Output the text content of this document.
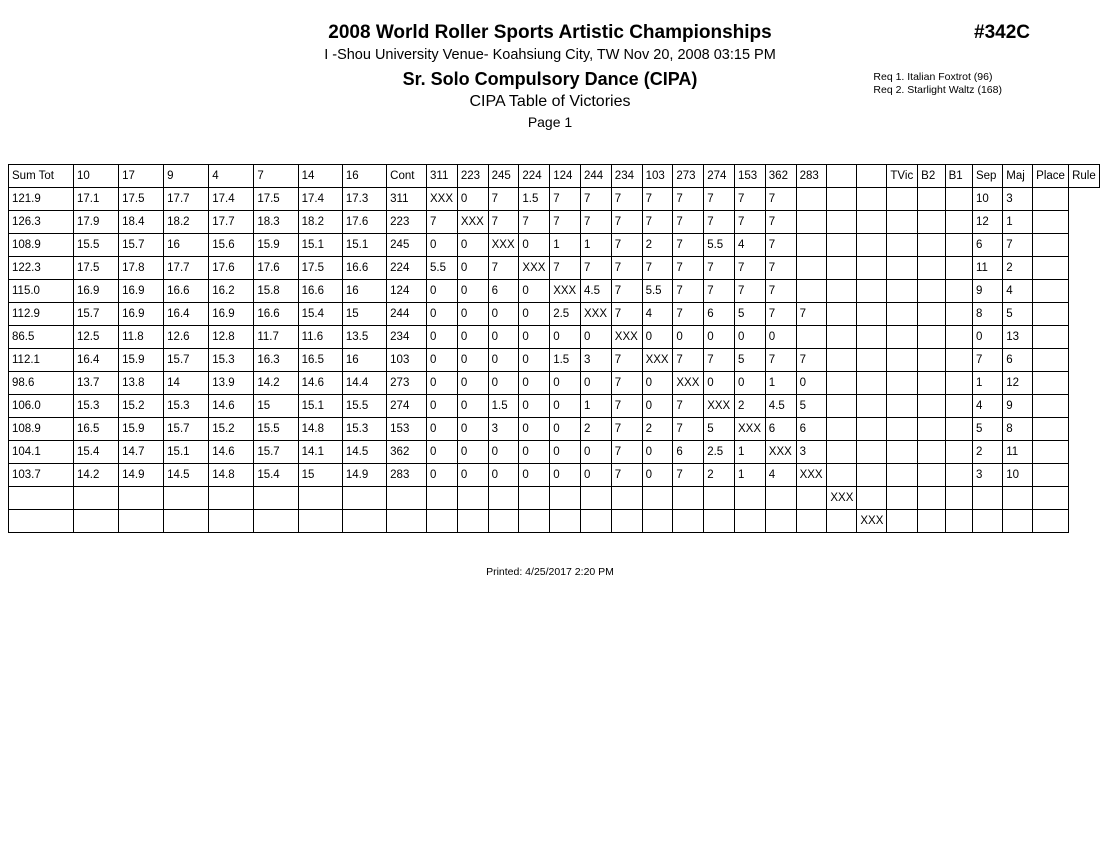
2008 World Roller Sports Artistic Championships
I -Shou University Venue- Koahsiung City, TW Nov 20, 2008 03:15 PM
Sr. Solo Compulsory Dance (CIPA)
CIPA Table of Victories
Page 1
#342C
Req 1. Italian Foxtrot (96)
Req 2. Starlight Waltz (168)
Sum Tot	10	17	9	4	7	14	16	Cont	311	223	245	224	124	244	234	103	273	274	153	362	283			TVic	B2	B1	Sep	Maj	Place	Rule
121.9	17.1	17.5	17.7	17.4	17.5	17.4	17.3	311	XXX	0	7	1.5	7	7	7	7	7	7	7	7							10	3		
126.3	17.9	18.4	18.2	17.7	18.3	18.2	17.6	223	7	XXX	7	7	7	7	7	7	7	7	7	7							12	1		
108.9	15.5	15.7	16	15.6	15.9	15.1	15.1	245	0	0	XXX	0	1	1	7	2	7	5.5	4	7							6	7		
122.3	17.5	17.8	17.7	17.6	17.6	17.5	16.6	224	5.5	0	7	XXX	7	7	7	7	7	7	7	7							11	2		
115.0	16.9	16.9	16.6	16.2	15.8	16.6	16	124	0	0	6	0	XXX	4.5	7	5.5	7	7	7	7							9	4		
112.9	15.7	16.9	16.4	16.9	16.6	15.4	15	244	0	0	0	0	2.5	XXX	7	4	7	6	5	7	7						8	5		
86.5	12.5	11.8	12.6	12.8	11.7	11.6	13.5	234	0	0	0	0	0	0	XXX	0	0	0	0	0							0	13		
112.1	16.4	15.9	15.7	15.3	16.3	16.5	16	103	0	0	0	0	1.5	3	7	XXX	7	7	5	7	7						7	6		
98.6	13.7	13.8	14	13.9	14.2	14.6	14.4	273	0	0	0	0	0	0	7	0	XXX	0	0	1	0						1	12		
106.0	15.3	15.2	15.3	14.6	15	15.1	15.5	274	0	0	1.5	0	0	1	7	0	7	XXX	2	4.5	5						4	9		
108.9	16.5	15.9	15.7	15.2	15.5	14.8	15.3	153	0	0	3	0	0	2	7	2	7	5	XXX	6	6						5	8		
104.1	15.4	14.7	15.1	14.6	15.7	14.1	14.5	362	0	0	0	0	0	0	7	0	6	2.5	1	XXX	3						2	11		
103.7	14.2	14.9	14.5	14.8	15.4	15	14.9	283	0	0	0	0	0	0	7	0	7	2	1	4	XXX						3	10		
																						XXX								
																							XXX							
Printed: 4/25/2017 2:20 PM
